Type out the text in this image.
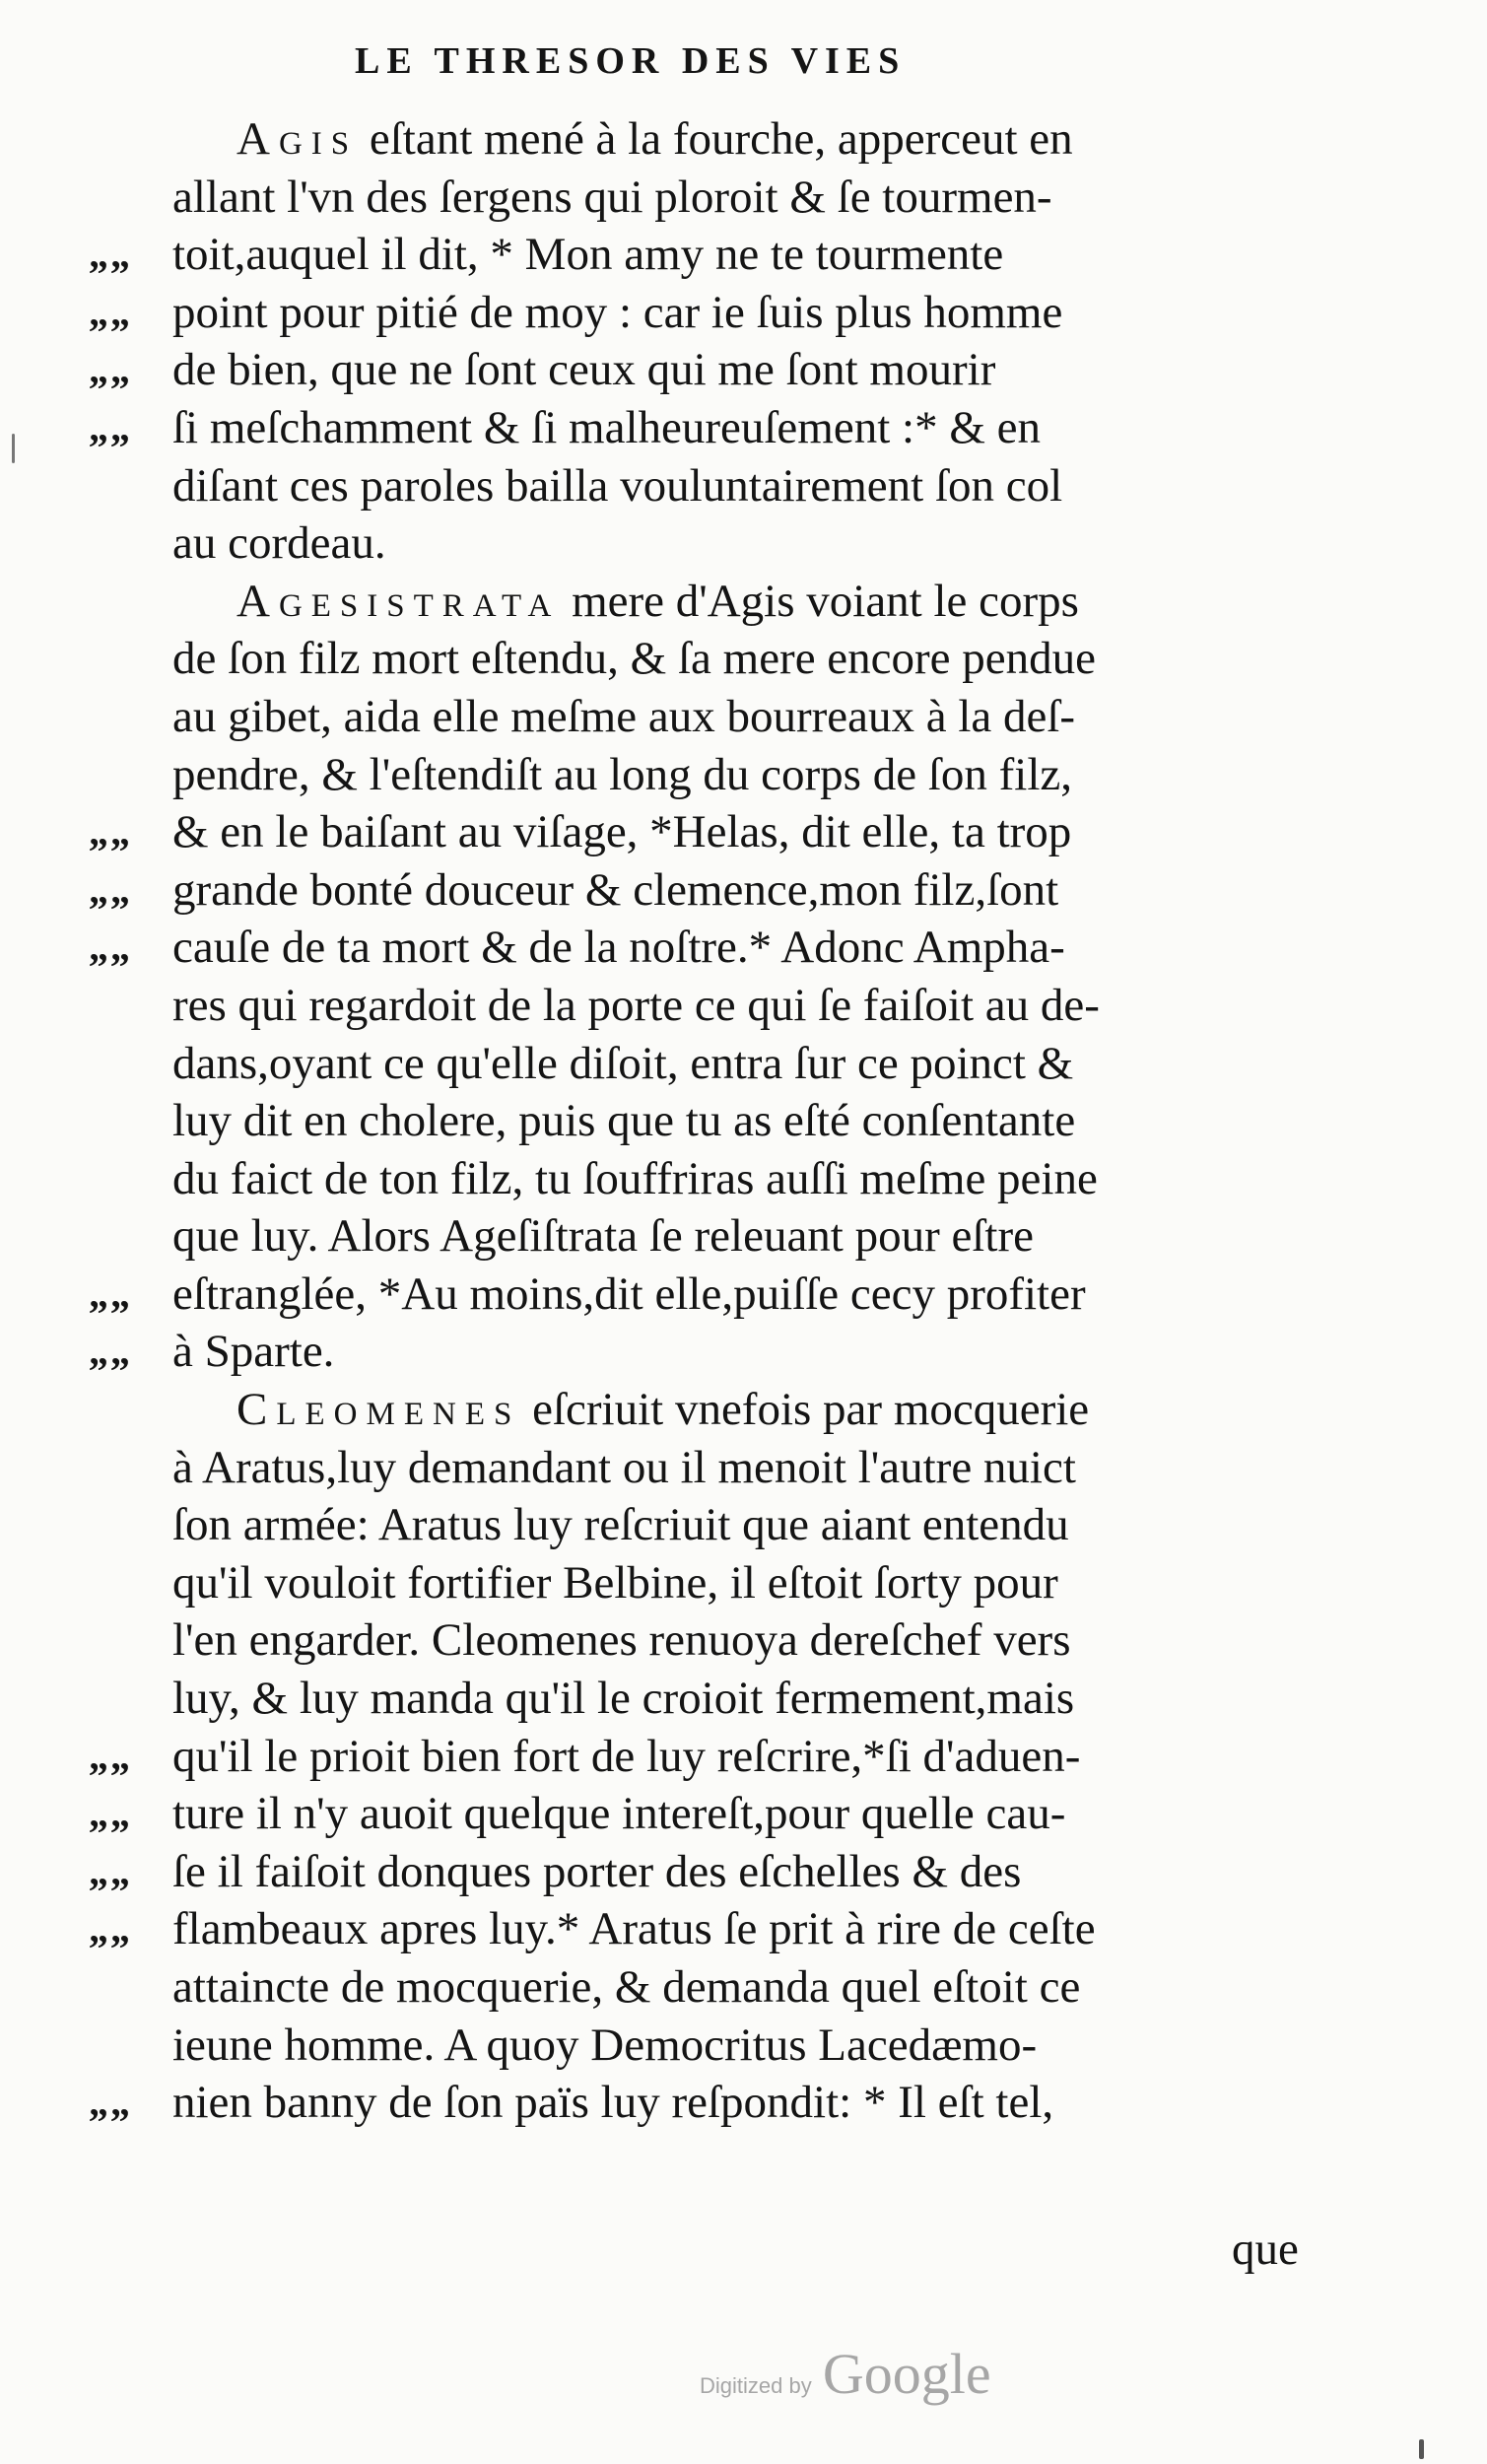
LE THRESOR DES VIES
Agis eſtant mené à la fourche, apperceut en
allant l'vn des ſergens qui ploroit & ſe tourmen-
„„ toit,auquel il dit, * Mon amy ne te tourmente
„„ point pour pitié de moy : car ie ſuis plus homme
„„ de bien, que ne ſont ceux qui me ſont mourir
„„ ſi meſchamment & ſi malheureuſement :* & en
diſant ces paroles bailla vouluntairement ſon col
au cordeau.
Agesistrata mere d'Agis voiant le corps
de ſon filz mort eſtendu, & ſa mere encore pendue
au gibet, aida elle meſme aux bourreaux à la deſ-
pendre, & l'eſtendiſt au long du corps de ſon filz,
„„ & en le baiſant au viſage, *Helas, dit elle, ta trop
„„ grande bonté douceur & clemence,mon filz,ſont
„„ cauſe de ta mort & de la noſtre.* Adonc Ampha-
res qui regardoit de la porte ce qui ſe faiſoit au de-
dans,oyant ce qu'elle diſoit, entra ſur ce poinct &
luy dit en cholere, puis que tu as eſté conſentante
du faict de ton filz, tu ſouffriras auſſi meſme peine
que luy. Alors Ageſiſtrata ſe releuant pour eſtre
„„ eſtranglée, *Au moins,dit elle,puiſſe cecy profiter
„„ à Sparte.
Cleomenes eſcriuit vnefois par mocquerie
à Aratus,luy demandant ou il menoit l'autre nuict
ſon armée: Aratus luy reſcriuit que aiant entendu
qu'il vouloit fortifier Belbine, il eſtoit ſorty pour
l'en engarder. Cleomenes renuoya dereſchef vers
luy, & luy manda qu'il le croioit fermement,mais
„„ qu'il le prioit bien fort de luy reſcrire,*ſi d'aduen-
„„ ture il n'y auoit quelque intereſt,pour quelle cau-
„„ ſe il faiſoit donques porter des eſchelles & des
„„ flambeaux apres luy.* Aratus ſe prit à rire de ceſte
attaincte de mocquerie, & demanda quel eſtoit ce
ieune homme. A quoy Democritus Lacedæmo-
„„ nien banny de ſon païs luy reſpondit: * Il eſt tel,
que
Digitized by Google
